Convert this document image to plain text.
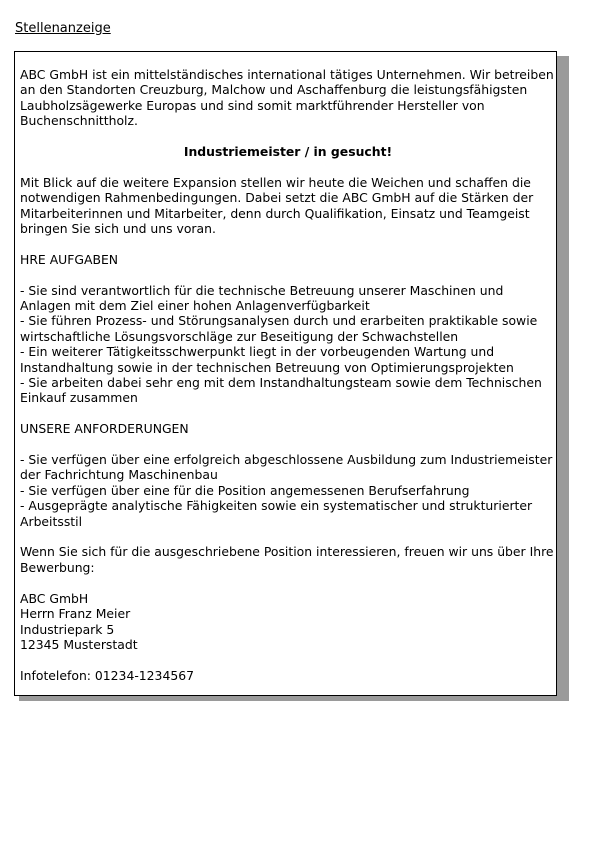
Stellenanzeige
ABC GmbH ist ein mittelständisches international tätiges Unternehmen. Wir betreiben an den Standorten Creuzburg, Malchow und Aschaffenburg die leistungsfähigsten Laubholzsägewerke Europas und sind somit marktführender Hersteller von Buchenschnittholz.
Industriemeister / in gesucht!
Mit Blick auf die weitere Expansion stellen wir heute die Weichen und schaffen die notwendigen Rahmenbedingungen. Dabei setzt die ABC GmbH auf die Stärken der Mitarbeiterinnen und Mitarbeiter, denn durch Qualifikation, Einsatz und Teamgeist bringen Sie sich und uns voran.
HRE AUFGABEN
- Sie sind verantwortlich für die technische Betreuung unserer Maschinen und Anlagen mit dem Ziel einer hohen Anlagenverfügbarkeit
- Sie führen Prozess- und Störungsanalysen durch und erarbeiten praktikable sowie wirtschaftliche Lösungsvorschläge zur Beseitigung der Schwachstellen
- Ein weiterer Tätigkeitsschwerpunkt liegt in der vorbeugenden Wartung und Instandhaltung sowie in der technischen Betreuung von Optimierungsprojekten
- Sie arbeiten dabei sehr eng mit dem Instandhaltungsteam sowie dem Technischen Einkauf zusammen
UNSERE ANFORDERUNGEN
- Sie verfügen über eine erfolgreich abgeschlossene Ausbildung zum Industriemeister der Fachrichtung Maschinenbau
- Sie verfügen über eine für die Position angemessenen Berufserfahrung
- Ausgeprägte analytische Fähigkeiten sowie ein systematischer und strukturierter Arbeitsstil
Wenn Sie sich für die ausgeschriebene Position interessieren, freuen wir uns über Ihre Bewerbung:
ABC GmbH
Herrn Franz Meier
Industriepark 5
12345 Musterstadt
Infotelefon: 01234-1234567
